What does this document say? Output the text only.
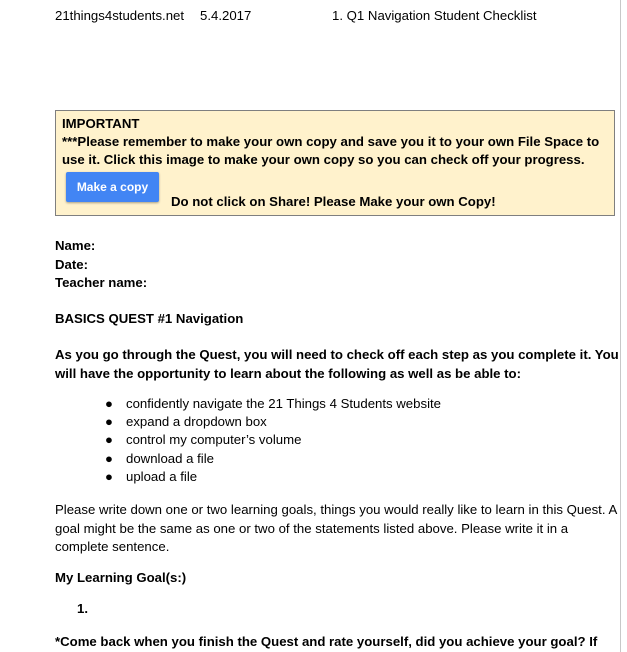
21things4students.net 5.4.2017	1. Q1 Navigation Student Checklist
IMPORTANT
***Please remember to make your own copy and save you it to your own File Space to use it. Click this image to make your own copy so you can check off your progress.
Make a copy
Do not click on Share! Please Make your own Copy!
Name:
Date:
Teacher name:
BASICS QUEST #1 Navigation
As you go through the Quest, you will need to check off each step as you complete it. You will have the opportunity to learn about the following as well as be able to:
● confidently navigate the 21 Things 4 Students website
● expand a dropdown box
● control my computer’s volume
● download a file
● upload a file
Please write down one or two learning goals, things you would really like to learn in this Quest. A goal might be the same as one or two of the statements listed above. Please write it in a complete sentence.
My Learning Goal(s:)
1.
*Come back when you finish the Quest and rate yourself, did you achieve your goal? If
